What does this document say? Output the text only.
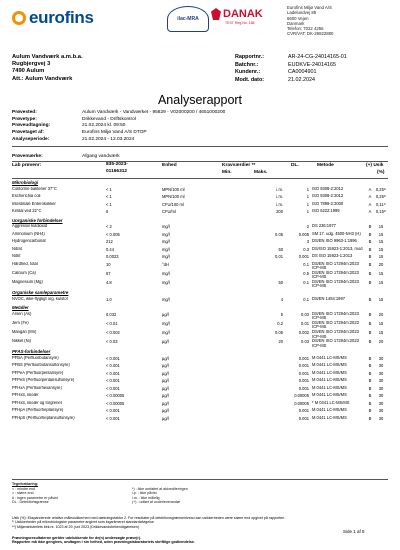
eurofins	ilac-MRA	DANAK
TEST Reg.No. 168
Eurofins Miljø Vand A/S
Ladelundvej 85
6600 Vejen
Danmark
Telefon: 7022 4256
CVR/VAT: DK-29822880
Aulum Vandværk a.m.b.a.
Rugbjergvej 3
7490 Aulum
Att.: Aulum Vandværk
Rapportnr.:	AR-24-CG-24014165-01
Batchnr.:	EUDKVE-24014165
Kundenr.:	CA0004901
Modt. dato:	21.02.2024
Analyserapport
Prøvested:	Aulum Vandværk - Vandværket - 95829 - V02000200 / 4651000200
Prøvetype:	Drikkevand - Driftskontrol
Prøveudtagning:	21.02.2024 kl. 09:50
Prøvetaget af:	Eurofins Miljø Vand A/S DTOP
Analyseperiode:	21.02.2024 - 12.03.2024
Prøvemærke:	Afgang vandværk
Lab prøvenr:	835-2023-
01166312
Enhed	Kravværdier **
Min.	Maks.
DL.	Metode	(+) Usik
(%)
Mikrobiologi								
Coliforme bakterier 37°C	< 1	MPN/100 ml		i.m.	1	ISO 9308-2:2012	A	0,25¹⁾
Escherichia coli	< 1	MPN/100 ml		i.m.	1	ISO 9308-2:2012	A	0,25¹⁾
Intestinale Enterokokker	< 1	CFU/100 ml		i.m.	1	ISO 7899-2:2000	A	0,11¹⁾
Kimtal ved 22°C	6	CFU/ml		200	1	ISO 6222:1999	A	0,15¹⁾
Uorganiske forbindelser								
Aggressiv kuldioxid	< 2	mg/l			2	DS 236:1977	B	15
Ammonium (NH4)	< 0.005	mg/l		0.05	0.005	SM 17. udg. 4500-NH3 (H)	B	15
Hydrogencarbonat	212	mg/l			3	DS/EN ISO 9963-1:1996	B	15
Nitrat	0.44	mg/l		50	0.3	DS/ISO 15923-1:2013, mod	B	15
Nitrit	0.0023	mg/l		0.01	0.001	DS ISO 15923-1:2013	B	15
Hårdhed, total	10	°dH			0.1	DS/EN ISO 17294m:2023 ICP-MS	B	20
Calcium (Ca)	67	mg/l			0.5	DS/EN ISO 17294m:2023 ICP-MS	B	15
Magnesium (Mg)	4.8	mg/l		50	0.1	DS/EN ISO 17294m:2023 ICP-MS	B	15
Organiske samleparametre								
NVOC, ikke-flygtigt org. kulstof	1.0	mg/l		4	0.1	DS/EN 1484:1997	B	15
Metaller								
Arsen (As)	0.032	µg/l		5	0.03	DS/EN ISO 17294m:2023 ICP-MS	B	20
Jern (Fe)	< 0.01	mg/l		0.2	0.01	DS/EN ISO 17294m:2023 ICP-MS	B	15
Mangan (Mn)	< 0.002	mg/l		0.05	0.002	DS/EN ISO 17294m:2023 ICP-MS	B	15
Nikkel (Ni)	< 0.03	µg/l		20	0.03	DS/EN ISO 17294m:2023 ICP-MS	B	20
PFAS-forbindelser								
PFBA (Perfluorbutansyre)	< 0.001	µg/l			0.001	M 0441 LC-MS/MS	B	30
PFBS (Perfluorbutansulfonsyre)	< 0.001	µg/l			0.001	M 0441 LC-MS/MS	B	30
PFPeA (Perfluorpentansyre)	< 0.001	µg/l			0.001	M 0441 LC-MS/MS	B	30
PFPeS (Perfluorpentansulfonsyre)	< 0.001	µg/l			0.001	M 0441 LC-MS/MS	B	30
PFHxA (Perfluorhexansyre)	< 0.001	µg/l			0.001	M 0441 LC-MS/MS	B	30
PFHxS, lineær	< 0.00005	µg/l			0.00005	M 0441 LC-MS/MS	B	30
PFHxS, lineær og forgrenet	< 0.00005	µg/l			0.00005	* M 0441 LC-MS/MS	B	30
PFHpA (Perfluorheptansyre)	< 0.001	µg/l			0.001	M 0441 LC-MS/MS	B	30
PFHpS (Perfluorheptansulfonsyre)	< 0.001	µg/l			0.001	M 0441 LC-MS/MS	B	30
Tegnforklaring:
< : mindre end	*) : Ikke omfattet af akkrediteringen
> : større end	i.p. : ikke påvist
# : ingen parametre er påvist	i.m. : ikke målelig
DL : Detektionsgrænse	(+) : udført af underleverandør
Usik (%): Ekspanderede relative måleusikkerhed med dækningsfaktor 2. For resultater på detektionsgrænseniveau kan usikkerheden være større end opgivet på rapporten.
¹⁾ Usikkerheder på mikrobiologiske parametre angivet som logaritmeret standardafvigelse
**) Miljøministeriets bek.nr. 1023 af 29. juni 2023 (Drikkevandsbekendtgørelsen)
Side 1 af 5
Prøvningsresultaterne gælder udelukkende for de(n) undersøgte prøve(r).
Rapporten må ikke gengives, undtagen i sin helhed, uden prøvningslaboratoriets skriftlige godkendelse.
